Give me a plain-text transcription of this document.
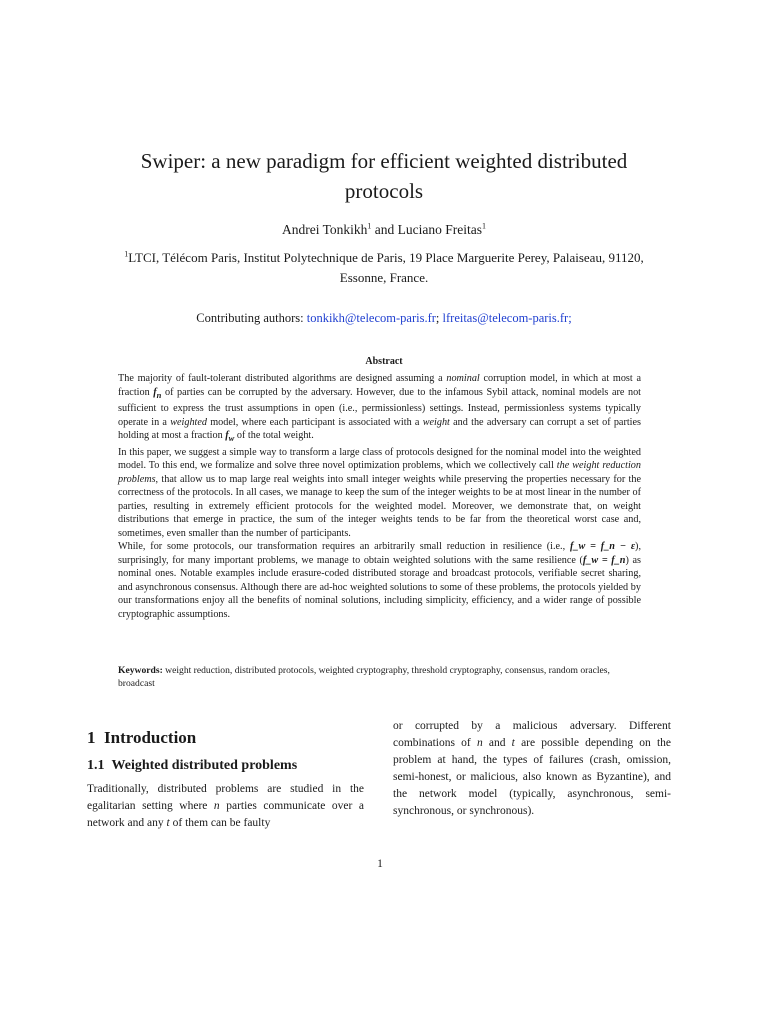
Swiper: a new paradigm for efficient weighted distributed protocols
Andrei Tonkikh$^1$ and Luciano Freitas$^1$
$^1$LTCI, Télécom Paris, Institut Polytechnique de Paris, 19 Place Marguerite Perey, Palaiseau, 91120, Essonne, France.
Contributing authors: tonkikh@telecom-paris.fr; lfreitas@telecom-paris.fr;
Abstract

The majority of fault-tolerant distributed algorithms are designed assuming a nominal corruption model, in which at most a fraction $f_n$ of parties can be corrupted by the adversary. However, due to the infamous Sybil attack, nominal models are not sufficient to express the trust assumptions in open (i.e., permissionless) settings. Instead, permissionless systems typically operate in a weighted model, where each participant is associated with a weight and the adversary can corrupt a set of parties holding at most a fraction $f_w$ of the total weight.

In this paper, we suggest a simple way to transform a large class of protocols designed for the nominal model into the weighted model. To this end, we formalize and solve three novel optimization problems, which we collectively call the weight reduction problems, that allow us to map large real weights into small integer weights while preserving the properties necessary for the correctness of the protocols. In all cases, we manage to keep the sum of the integer weights to be at most linear in the number of parties, resulting in extremely efficient protocols for the weighted model. Moreover, we demonstrate that, on weight distributions that emerge in practice, the sum of the integer weights tends to be far from the theoretical worst case and, sometimes, even smaller than the number of participants.

While, for some protocols, our transformation requires an arbitrarily small reduction in resilience (i.e., f_w = f_n − ε), surprisingly, for many important problems, we manage to obtain weighted solutions with the same resilience (f_w = f_n) as nominal ones. Notable examples include erasure-coded distributed storage and broadcast protocols, verifiable secret sharing, and asynchronous consensus. Although there are ad-hoc weighted solutions to some of these problems, the protocols yielded by our transformations enjoy all the benefits of nominal solutions, including simplicity, efficiency, and a wider range of possible cryptographic assumptions.

Keywords: weight reduction, distributed protocols, weighted cryptography, threshold cryptography, consensus, random oracles, broadcast
1 Introduction
1.1 Weighted distributed problems
Traditionally, distributed problems are studied in the egalitarian setting where n parties communicate over a network and any t of them can be faulty
or corrupted by a malicious adversary. Different combinations of n and t are possible depending on the problem at hand, the types of failures (crash, omission, semi-honest, or malicious, also known as Byzantine), and the network model (typically, asynchronous, semi-synchronous, or synchronous).
1
